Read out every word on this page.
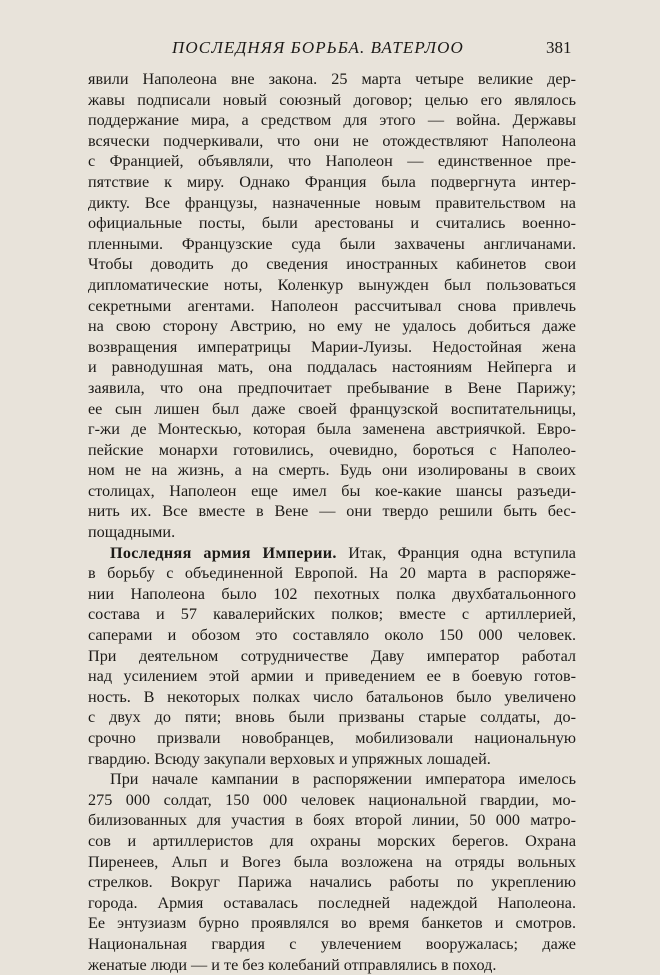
ПОСЛЕДНЯЯ БОРЬБА. ВАТЕРЛОО	381
явили Наполеона вне закона. 25 марта четыре великие дер-
жавы подписали новый союзный договор; целью его являлось
поддержание мира, а средством для этого — война. Державы
всячески подчеркивали, что они не отождествляют Наполеона
с Францией, объявляли, что Наполеон — единственное пре-
пятствие к миру. Однако Франция была подвергнута интер-
дикту. Все французы, назначенные новым правительством на
официальные посты, были арестованы и считались военно-
пленными. Французские суда были захвачены англичанами.
Чтобы доводить до сведения иностранных кабинетов свои
дипломатические ноты, Коленкур вынужден был пользоваться
секретными агентами. Наполеон рассчитывал снова привлечь
на свою сторону Австрию, но ему не удалось добиться даже
возвращения императрицы Марии-Луизы. Недостойная жена
и равнодушная мать, она поддалась настояниям Нейперга и
заявила, что она предпочитает пребывание в Вене Парижу;
ее сын лишен был даже своей французской воспитательницы,
г-жи де Монтескью, которая была заменена австриячкой. Евро-
пейские монархи готовились, очевидно, бороться с Наполео-
ном не на жизнь, а на смерть. Будь они изолированы в своих
столицах, Наполеон еще имел бы кое-какие шансы разъеди-
нить их. Все вместе в Вене — они твердо решили быть бес-
пощадными.
Последняя армия Империи. Итак, Франция одна вступила
в борьбу с объединенной Европой. На 20 марта в распоряже-
нии Наполеона было 102 пехотных полка двухбатальонного
состава и 57 кавалерийских полков; вместе с артиллерией,
саперами и обозом это составляло около 150 000 человек.
При деятельном сотрудничестве Даву император работал
над усилением этой армии и приведением ее в боевую готов-
ность. В некоторых полках число батальонов было увеличено
с двух до пяти; вновь были призваны старые солдаты, до-
срочно призвали новобранцев, мобилизовали национальную
гвардию. Всюду закупали верховых и упряжных лошадей.
При начале кампании в распоряжении императора имелось
275 000 солдат, 150 000 человек национальной гвардии, мо-
билизованных для участия в боях второй линии, 50 000 матро-
сов и артиллеристов для охраны морских берегов. Охрана
Пиренеев, Альп и Вогез была возложена на отряды вольных
стрелков. Вокруг Парижа начались работы по укреплению
города. Армия оставалась последней надеждой Наполеона.
Ее энтузиазм бурно проявлялся во время банкетов и смотров.
Национальная гвардия с увлечением вооружалась; даже
женатые люди — и те без колебаний отправлялись в поход.
